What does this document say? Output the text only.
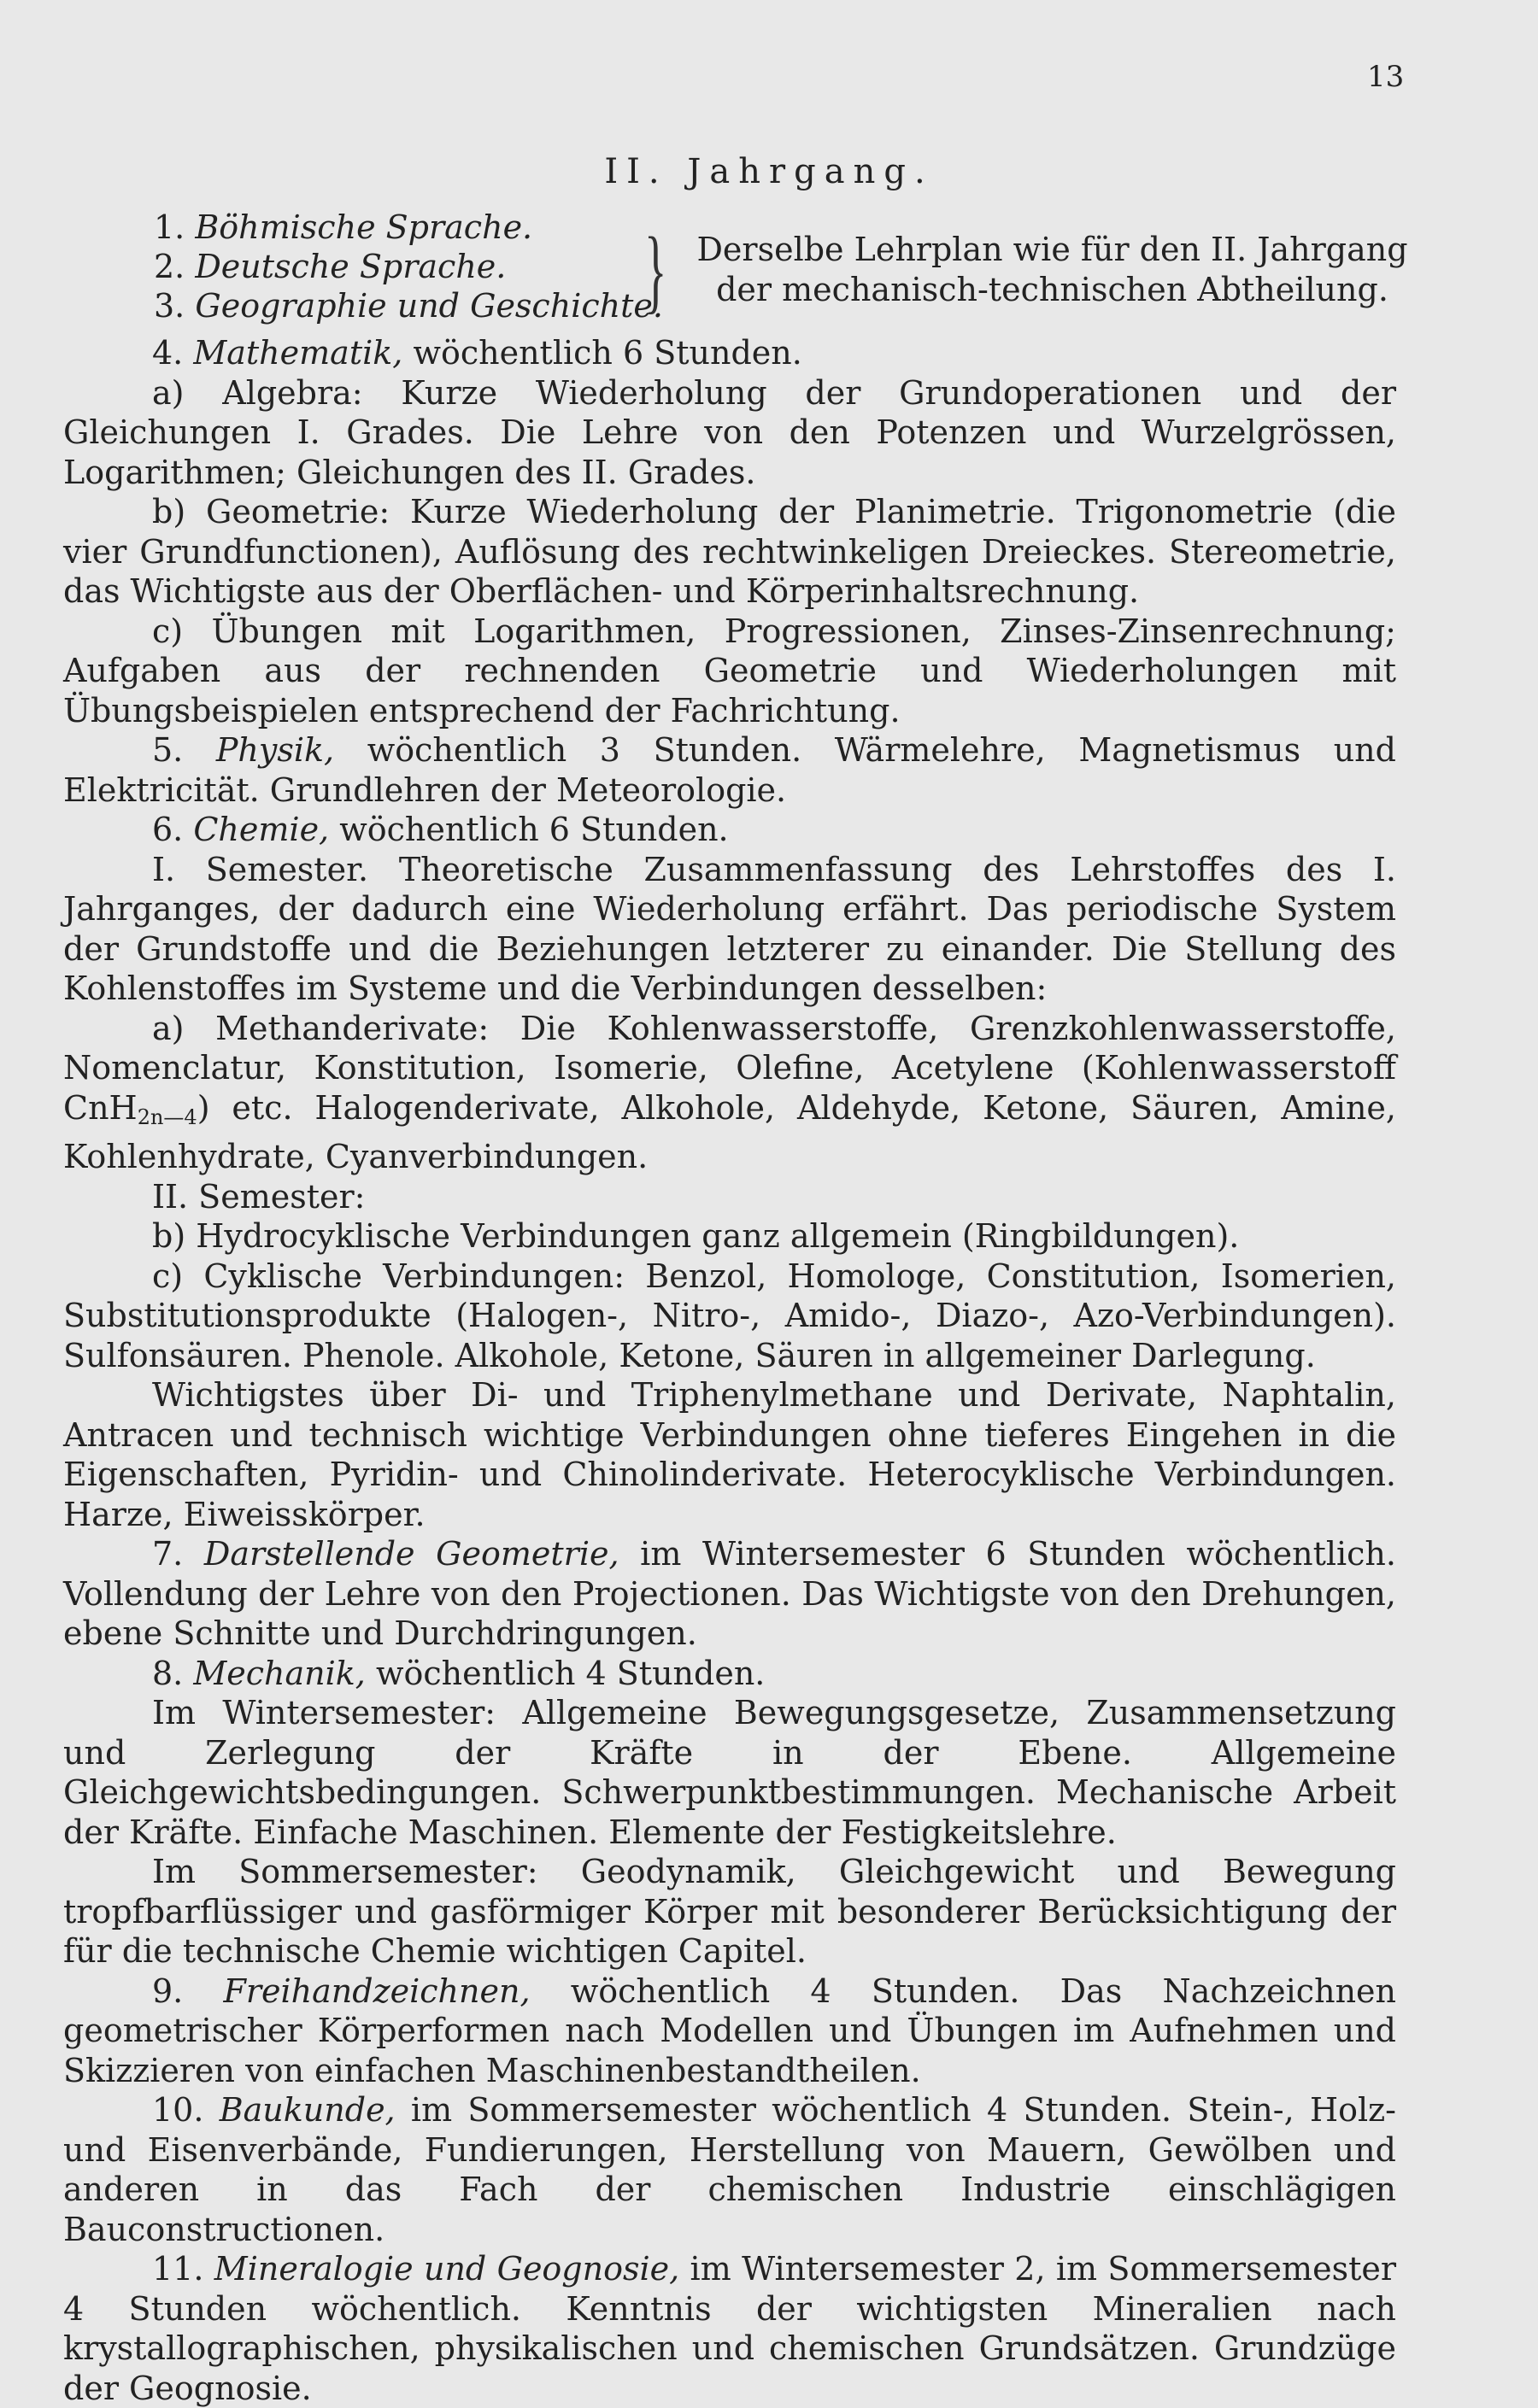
13
II. Jahrgang.
1. Böhmische Sprache.
2. Deutsche Sprache.
3. Geographie und Geschichte.
} Derselbe Lehrplan wie für den II. Jahrgang
der mechanisch-technischen Abtheilung.

4. Mathematik, wöchentlich 6 Stunden.

a) Algebra: Kurze Wiederholung der Grundoperationen und der Gleichungen I. Grades. Die Lehre von den Potenzen und Wurzelgrössen, Logarithmen; Gleichungen des II. Grades.

b) Geometrie: Kurze Wiederholung der Planimetrie. Trigonometrie (die vier Grundfunctionen), Auflösung des rechtwinkeligen Dreieckes. Stereometrie, das Wichtigste aus der Oberflächen- und Körperinhaltsrechnung.

c) Übungen mit Logarithmen, Progressionen, Zinses-Zinsenrechnung; Aufgaben aus der rechnenden Geometrie und Wiederholungen mit Übungsbeispielen entsprechend der Fachrichtung.

5. Physik, wöchentlich 3 Stunden. Wärmelehre, Magnetismus und Elektricität. Grundlehren der Meteorologie.

6. Chemie, wöchentlich 6 Stunden.

I. Semester. Theoretische Zusammenfassung des Lehrstoffes des I. Jahrganges, der dadurch eine Wiederholung erfährt. Das periodische System der Grundstoffe und die Beziehungen letzterer zu einander. Die Stellung des Kohlenstoffes im Systeme und die Verbindungen desselben:

a) Methanderivate: Die Kohlenwasserstoffe, Grenzkohlenwasserstoffe, Nomenclatur, Konstitution, Isomerie, Olefine, Acetylene (Kohlenwasserstoff CnH$_{2n—4}$) etc. Halogenderivate, Alkohole, Aldehyde, Ketone, Säuren, Amine, Kohlenhydrate, Cyanverbindungen.

II. Semester:

b) Hydrocyklische Verbindungen ganz allgemein (Ringbildungen).

c) Cyklische Verbindungen: Benzol, Homologe, Constitution, Isomerien, Substitutionsprodukte (Halogen-, Nitro-, Amido-, Diazo-, Azo-Verbindungen). Sulfonsäuren. Phenole. Alkohole, Ketone, Säuren in allgemeiner Darlegung.

Wichtigstes über Di- und Triphenylmethane und Derivate, Naphtalin, Antracen und technisch wichtige Verbindungen ohne tieferes Eingehen in die Eigenschaften, Pyridin- und Chinolinderivate. Heterocyklische Verbindungen. Harze, Eiweisskörper.

7. Darstellende Geometrie, im Wintersemester 6 Stunden wöchentlich. Vollendung der Lehre von den Projectionen. Das Wichtigste von den Drehungen, ebene Schnitte und Durchdringungen.

8. Mechanik, wöchentlich 4 Stunden.

Im Wintersemester: Allgemeine Bewegungsgesetze, Zusammensetzung und Zerlegung der Kräfte in der Ebene. Allgemeine Gleichgewichtsbedingungen. Schwerpunktbestimmungen. Mechanische Arbeit der Kräfte. Einfache Maschinen. Elemente der Festigkeitslehre.

Im Sommersemester: Geodynamik, Gleichgewicht und Bewegung tropfbarflüssiger und gasförmiger Körper mit besonderer Berücksichtigung der für die technische Chemie wichtigen Capitel.

9. Freihandzeichnen, wöchentlich 4 Stunden. Das Nachzeichnen geometrischer Körperformen nach Modellen und Übungen im Aufnehmen und Skizzieren von einfachen Maschinenbestandtheilen.

10. Baukunde, im Sommersemester wöchentlich 4 Stunden. Stein-, Holz- und Eisenverbände, Fundierungen, Herstellung von Mauern, Gewölben und anderen in das Fach der chemischen Industrie einschlägigen Bauconstructionen.

11. Mineralogie und Geognosie, im Wintersemester 2, im Sommersemester 4 Stunden wöchentlich. Kenntnis der wichtigsten Mineralien nach krystallographischen, physikalischen und chemischen Grundsätzen. Grundzüge der Geognosie.
